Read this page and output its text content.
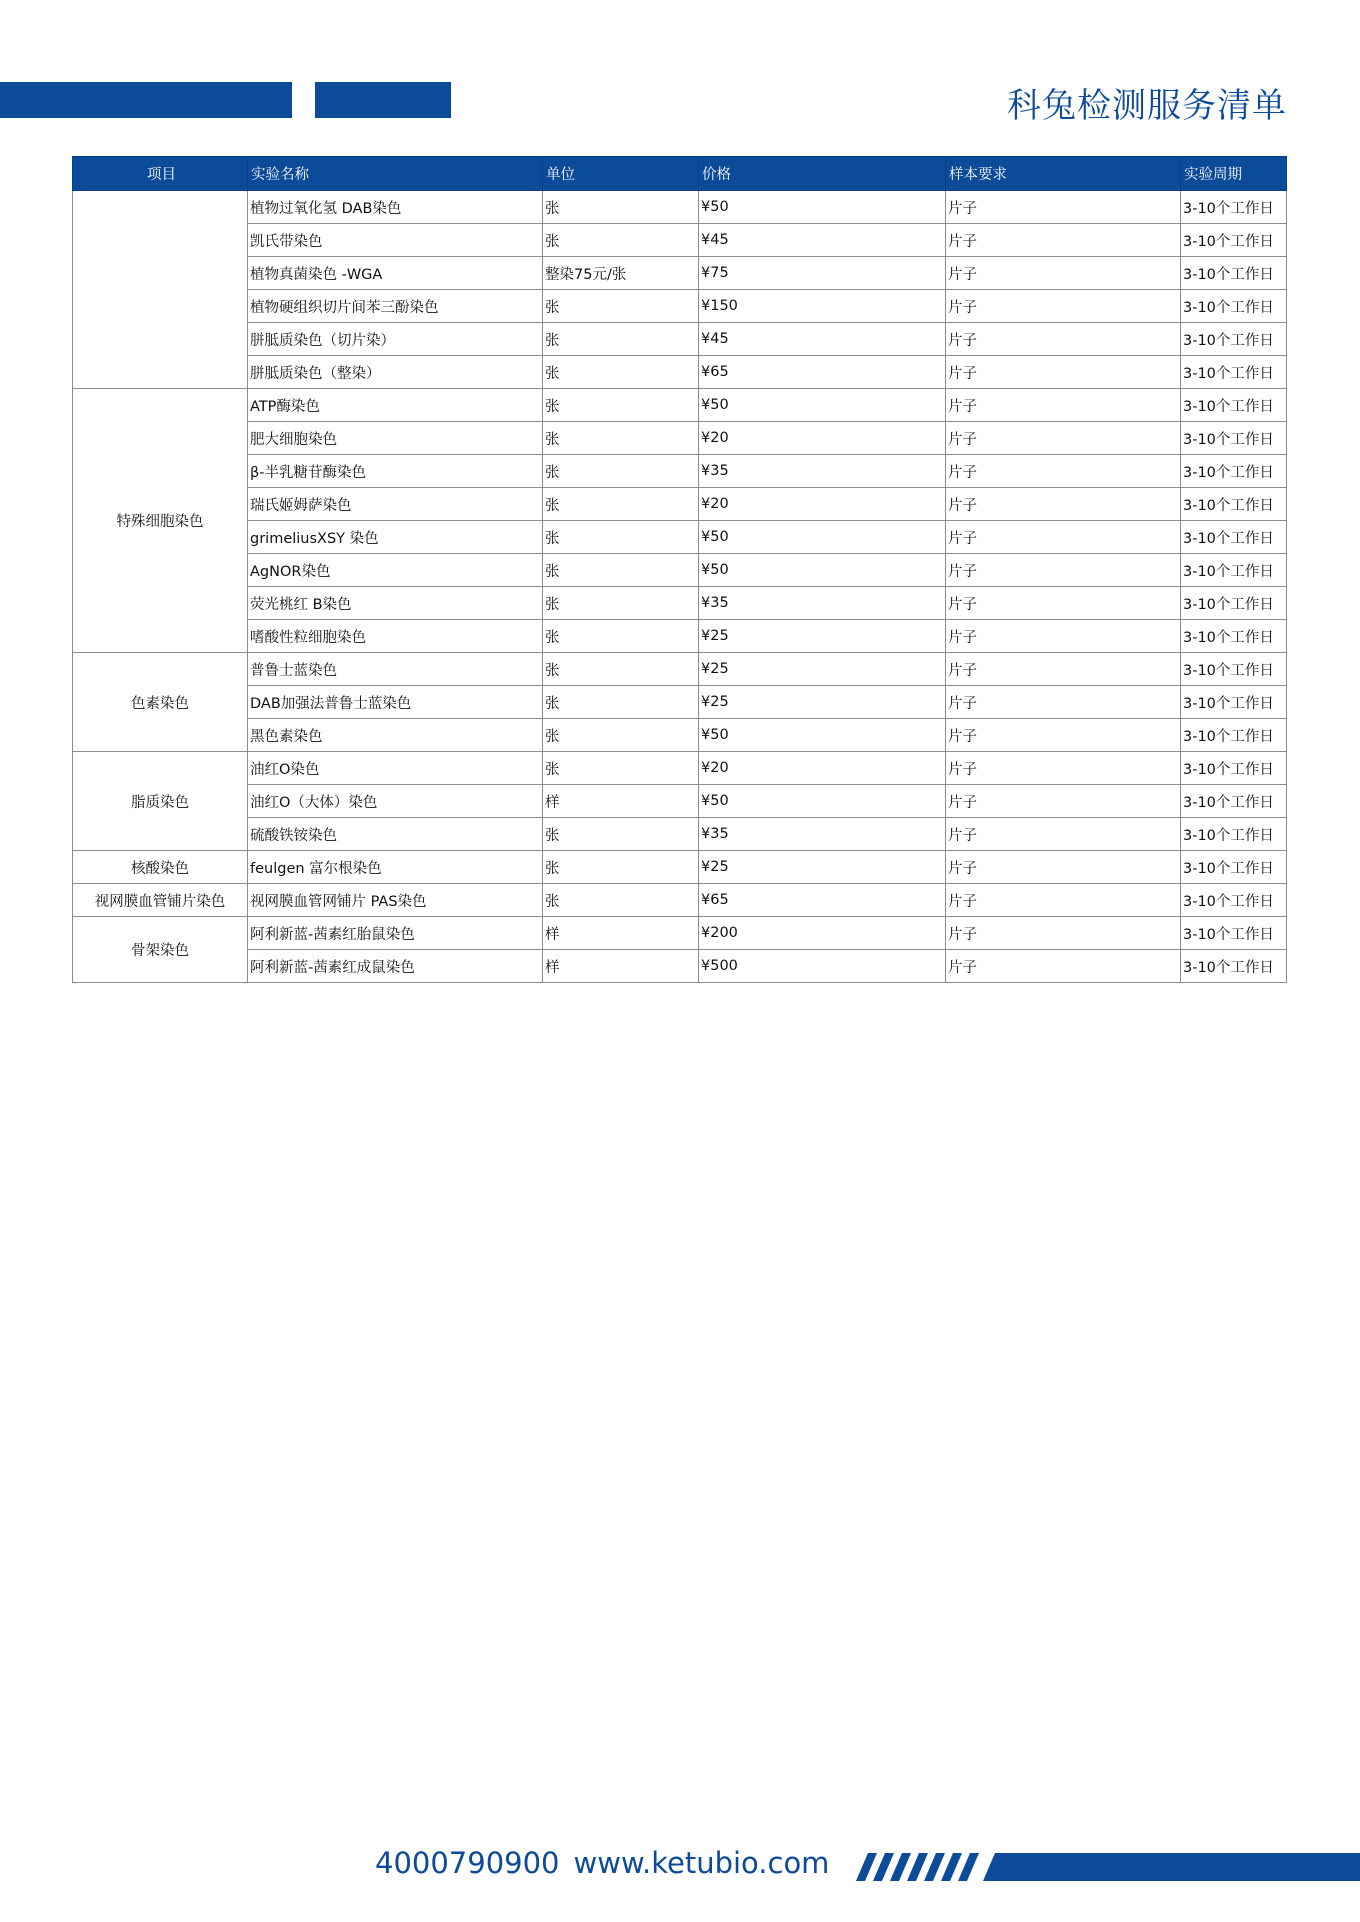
科兔检测服务清单
项目	实验名称	单位	价格	样本要求	实验周期
	植物过氧化氢 DAB染色	张	¥50	片子	3-10个工作日
	凯氏带染色	张	¥45	片子	3-10个工作日
	植物真菌染色 -WGA	整染75元/张	¥75	片子	3-10个工作日
	植物硬组织切片间苯三酚染色	张	¥150	片子	3-10个工作日
	胼胝质染色（切片染）	张	¥45	片子	3-10个工作日
	胼胝质染色（整染）	张	¥65	片子	3-10个工作日
特殊细胞染色	ATP酶染色	张	¥50	片子	3-10个工作日
	肥大细胞染色	张	¥20	片子	3-10个工作日
	β-半乳糖苷酶染色	张	¥35	片子	3-10个工作日
	瑞氏姬姆萨染色	张	¥20	片子	3-10个工作日
	grimeliusXSY 染色	张	¥50	片子	3-10个工作日
	AgNOR染色	张	¥50	片子	3-10个工作日
	荧光桃红 B染色	张	¥35	片子	3-10个工作日
	嗜酸性粒细胞染色	张	¥25	片子	3-10个工作日
色素染色	普鲁士蓝染色	张	¥25	片子	3-10个工作日
	DAB加强法普鲁士蓝染色	张	¥25	片子	3-10个工作日
	黑色素染色	张	¥50	片子	3-10个工作日
脂质染色	油红O染色	张	¥20	片子	3-10个工作日
	油红O（大体）染色	样	¥50	片子	3-10个工作日
	硫酸铁铵染色	张	¥35	片子	3-10个工作日
核酸染色	feulgen 富尔根染色	张	¥25	片子	3-10个工作日
视网膜血管铺片染色	视网膜血管网铺片 PAS染色	张	¥65	片子	3-10个工作日
骨架染色	阿利新蓝-茜素红胎鼠染色	样	¥200	片子	3-10个工作日
	阿利新蓝-茜素红成鼠染色	样	¥500	片子	3-10个工作日
4000790900 www.ketubio.com
